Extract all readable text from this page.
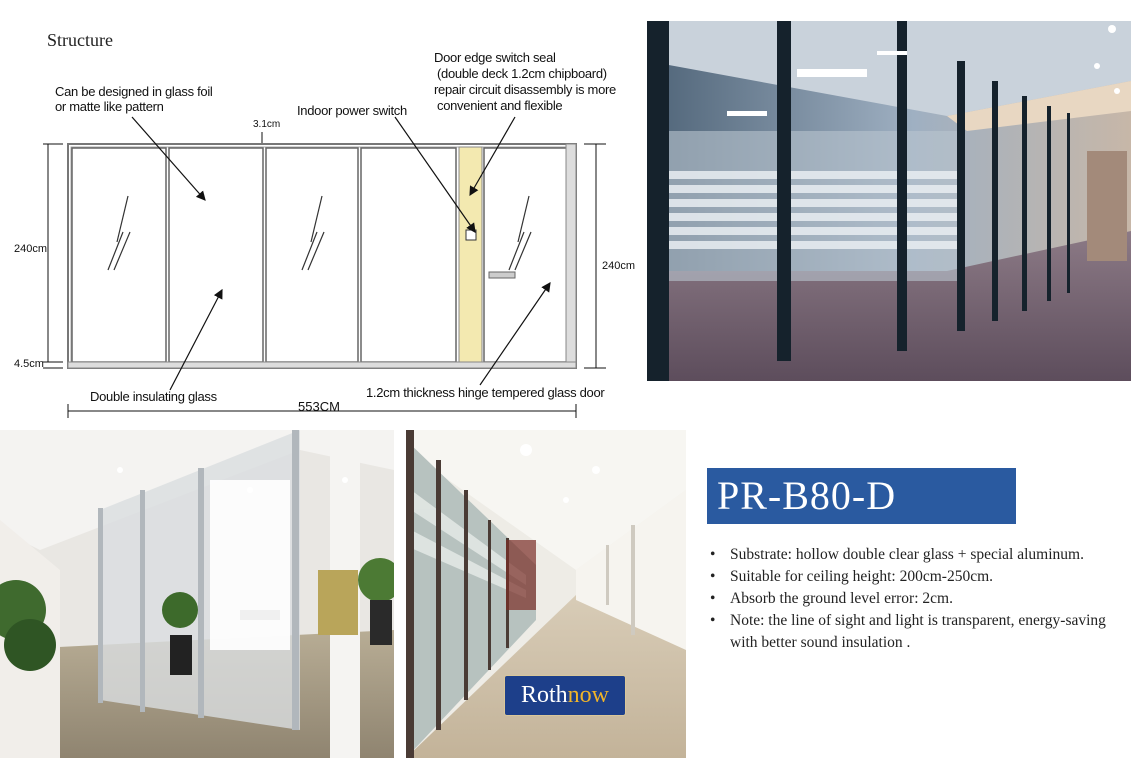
Structure
Can be designed in glass foil
or matte like pattern	Indoor power switch
Door edge switch seal
(double deck 1.2cm chipboard)
repair circuit disassembly is more
convenient and flexible
Double insulating glass	1.2cm thickness hinge tempered glass door
3.1cm
240cm
240cm
4.5cm
553CM
Rothnow
PR-B80-D
• Substrate: hollow double clear glass + special aluminum.
• Suitable for ceiling height: 200cm-250cm.
• Absorb the ground level error: 2cm.
• Note: the line of sight and light is transparent, energy-saving with better sound insulation .
